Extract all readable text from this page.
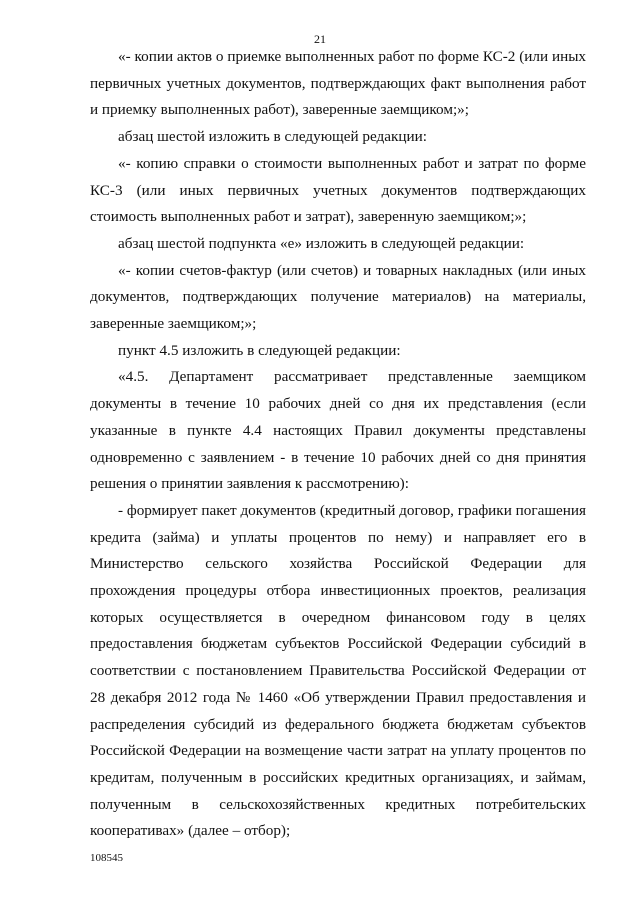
21

«- копии актов о приемке выполненных работ по форме КС-2 (или иных первичных учетных документов, подтверждающих факт выполнения работ и приемку выполненных работ), заверенные заемщиком;»;

абзац шестой изложить в следующей редакции:

«- копию справки о стоимости выполненных работ и затрат по форме КС-3 (или иных первичных учетных документов подтверждающих стоимость выполненных работ и затрат), заверенную заемщиком;»;

абзац шестой подпункта «е» изложить в следующей редакции:

«- копии счетов-фактур (или счетов) и товарных накладных (или иных документов, подтверждающих получение материалов) на материалы, заверенные заемщиком;»;

пункт 4.5 изложить в следующей редакции:

«4.5. Департамент рассматривает представленные заемщиком документы в течение 10 рабочих дней со дня их представления (если указанные в пункте 4.4 настоящих Правил документы представлены одновременно с заявлением - в течение 10 рабочих дней со дня принятия решения о принятии заявления к рассмотрению):

- формирует пакет документов (кредитный договор, графики погашения кредита (займа) и уплаты процентов по нему) и направляет его в Министерство сельского хозяйства Российской Федерации для прохождения процедуры отбора инвестиционных проектов, реализация которых осуществляется в очередном финансовом году в целях предоставления бюджетам субъектов Российской Федерации субсидий в соответствии с постановлением Правительства Российской Федерации от 28 декабря 2012 года № 1460 «Об утверждении Правил предоставления и распределения субсидий из федерального бюджета бюджетам субъектов Российской Федерации на возмещение части затрат на уплату процентов по кредитам, полученным в российских кредитных организациях, и займам, полученным в сельскохозяйственных кредитных потребительских кооперативах» (далее – отбор);

108545
